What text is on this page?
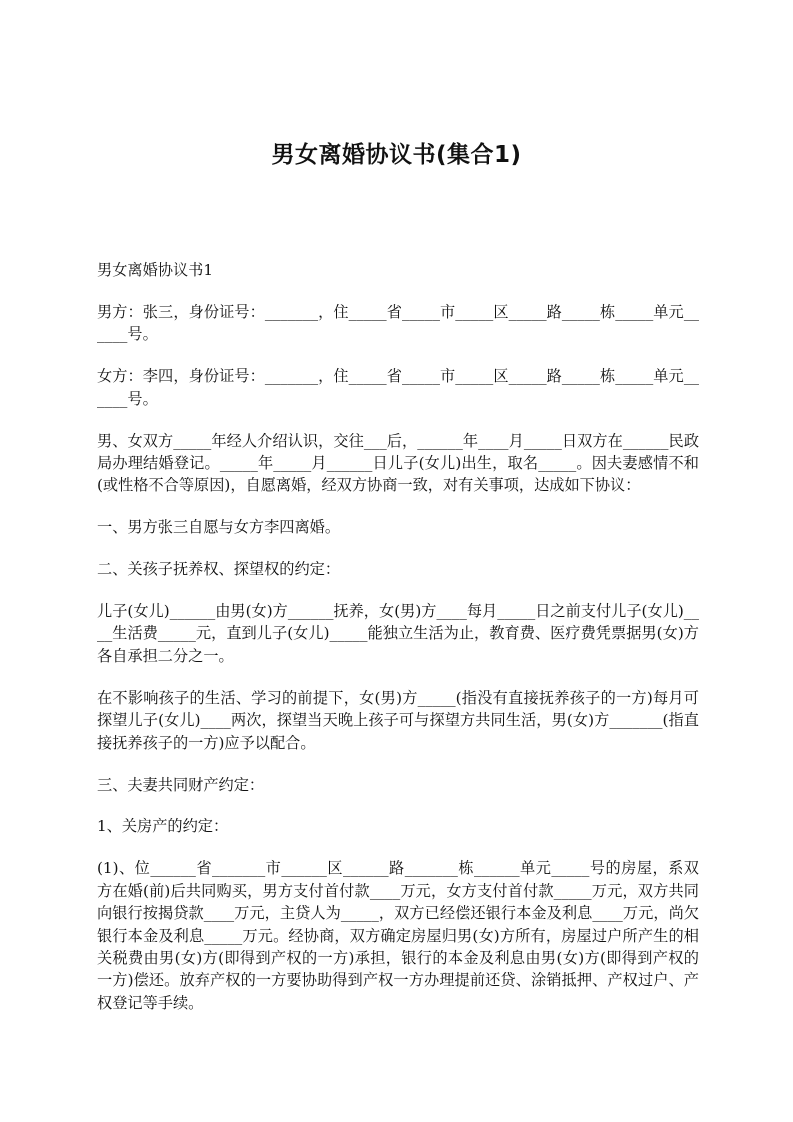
男女离婚协议书(集合1)

男女离婚协议书1

男方：张三，身份证号：_______，住_____省_____市_____区_____路_____栋_____单元______号。

女方：李四，身份证号：_______，住_____省_____市_____区_____路_____栋_____单元______号。

男、女双方_____年经人介绍认识，交往___后，______年____月_____日双方在______民政局办理结婚登记。_____年_____月______日儿子(女儿)出生，取名_____。因夫妻感情不和(或性格不合等原因)，自愿离婚，经双方协商一致，对有关事项，达成如下协议：

一、男方张三自愿与女方李四离婚。

二、关孩子抚养权、探望权的约定：

儿子(女儿)______由男(女)方______抚养，女(男)方____每月_____日之前支付儿子(女儿)____生活费_____元，直到儿子(女儿)_____能独立生活为止，教育费、医疗费凭票据男(女)方各自承担二分之一。

在不影响孩子的生活、学习的前提下，女(男)方_____(指没有直接抚养孩子的一方)每月可探望儿子(女儿)____两次，探望当天晚上孩子可与探望方共同生活，男(女)方_______(指直接抚养孩子的一方)应予以配合。

三、夫妻共同财产约定：

1、关房产的约定：

(1)、位______省_______市______区______路_______栋______单元_____号的房屋，系双方在婚(前)后共同购买，男方支付首付款____万元，女方支付首付款_____万元，双方共同向银行按揭贷款____万元，主贷人为_____，双方已经偿还银行本金及利息____万元，尚欠银行本金及利息_____万元。经协商，双方确定房屋归男(女)方所有，房屋过户所产生的相关税费由男(女)方(即得到产权的一方)承担，银行的本金及利息由男(女)方(即得到产权的一方)偿还。放弃产权的一方要协助得到产权一方办理提前还贷、涂销抵押、产权过户、产权登记等手续。
